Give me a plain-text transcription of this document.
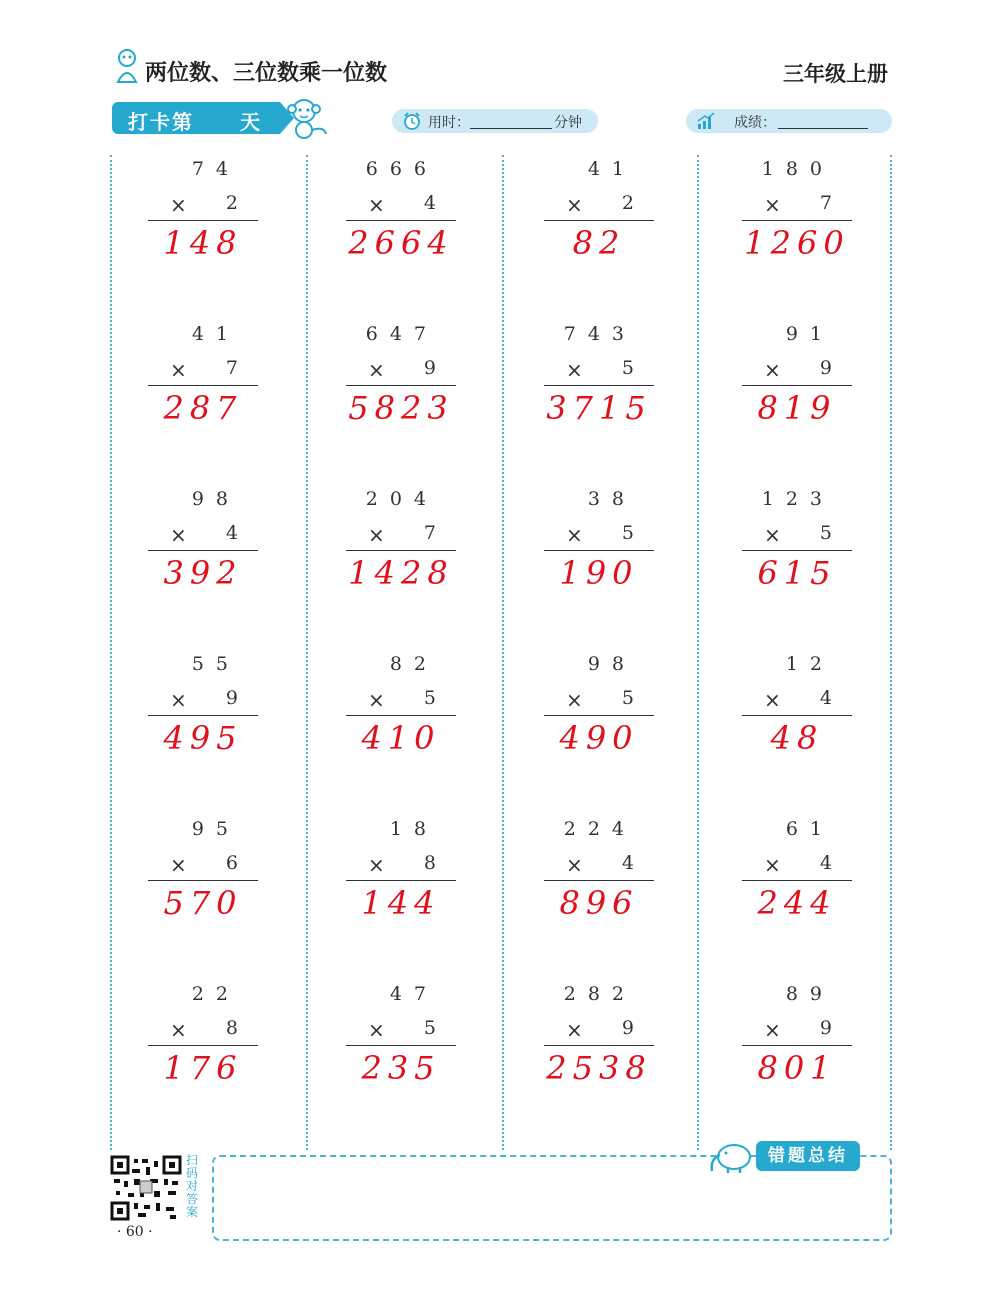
两位数、三位数乘一位数	三年级上册
打卡第 天	用时：	分钟	成绩：
74
× 2
148
666
× 4
2664
41
× 2
82
180
× 7
1260
41
× 7
287
647
× 9
5823
743
× 5
3715
91
× 9
819
98
× 4
392
204
× 7
1428
38
× 5
190
123
× 5
615
55
× 9
495
82
× 5
410
98
× 5
490
12
× 4
48
95
× 6
570
18
× 8
144
224
× 4
896
61
× 4
244
22
× 8
176
47
× 5
235
282
× 9
2538
89
× 9
801
错题总结
扫码对答案
· 60 ·
